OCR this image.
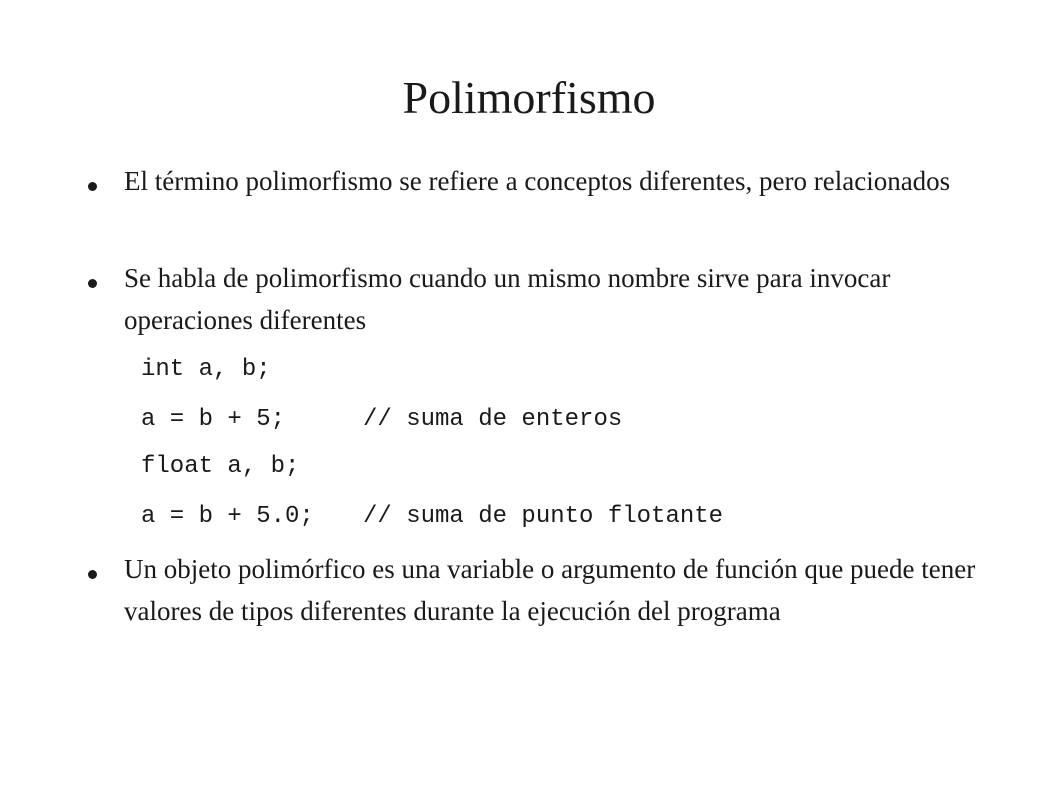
Polimorfismo
El término polimorfismo se refiere a conceptos diferentes, pero relacionados
Se habla de polimorfismo cuando un mismo nombre sirve para invocar operaciones diferentes
int a, b;
a = b + 5;	// suma de enteros
float a, b;
a = b + 5.0; // suma de punto flotante
Un objeto polimórfico es una variable o argumento de función que puede tener valores de tipos diferentes durante la ejecución del programa
